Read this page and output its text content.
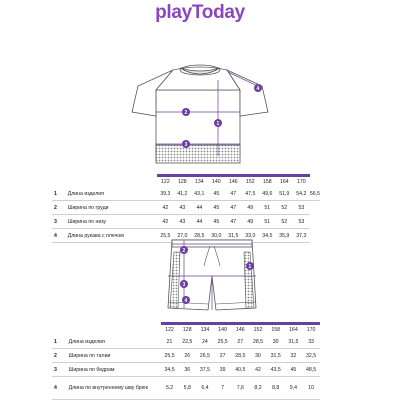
playToday
1
2
3
4
		122	128	134	140	146	152	158	164	170	
1	Длина изделия	39,3	41,2	43,1	45	47	47,5	49,6	51,9	54,2	56,5
2	Ширина по груди	42	43	44	45	47	49	51	52	53	
3	Ширина по низу	42	43	44	45	47	49	51	52	53	
4	Длина рукава с плечом	25,5	27,0	28,5	30,0	31,5	33,0	34,5	35,9	37,3	
1
2
3
4
		122	128	134	140	146	152	158	164	170
1	Длина изделия	21	22,5	24	25,5	27	28,5	30	31,5	33
2	Ширина по талии	25,5	26	26,5	27	28,5	30	31,5	32	32,5
3	Ширина по бедрам	34,5	36	37,5	39	40,5	42	43,5	45	48,5
4	Длина по внутреннему шву брюк	5,2	5,8	6,4	7	7,6	8,2	8,8	9,4	10
